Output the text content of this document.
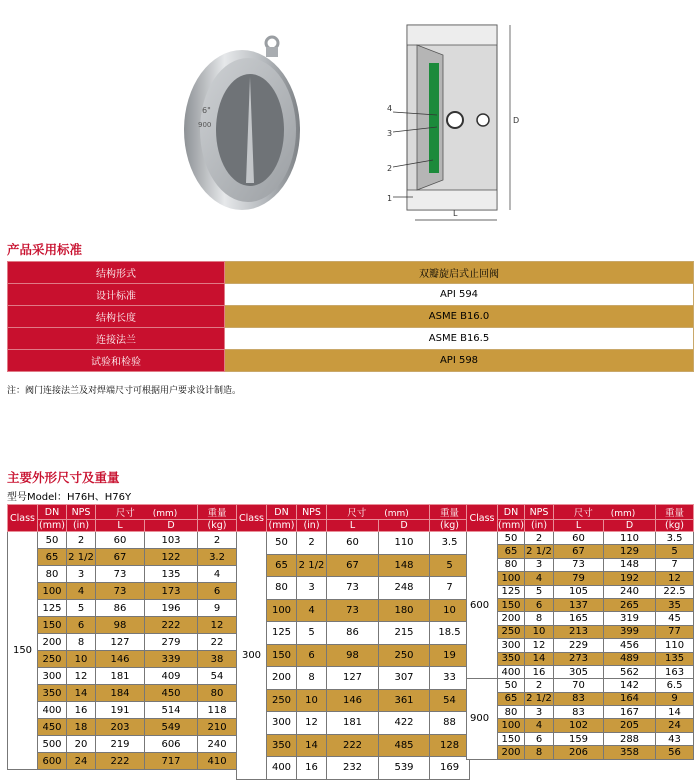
6"
900
4
3
2
1
L
D
产品采用标准
结构形式	双瓣旋启式止回阀
设计标准	API 594
结构长度	ASME B16.0
连接法兰	ASME B16.5
试验和检验	API 598
注：阀门连接法兰及对焊端尺寸可根据用户要求设计制造。
主要外形尺寸及重量
型号Model：H76H、H76Y
Class	DN	NPS	尺寸 (mm)		重量
	(mm)	(in)	L	D	(kg)
150	50	2	60	103	2
	65	2 1/2	67	122	3.2
	80	3	73	135	4
	100	4	73	173	6
	125	5	86	196	9
	150	6	98	222	12
	200	8	127	279	22
	250	10	146	339	38
	300	12	181	409	54
	350	14	184	450	80
	400	16	191	514	118
	450	18	203	549	210
	500	20	219	606	240
	600	24	222	717	410
Class	DN	NPS	尺寸 (mm)		重量
	(mm)	(in)	L	D	(kg)
300	50	2	60	110	3.5
	65	2 1/2	67	148	5
	80	3	73	248	7
	100	4	73	180	10
	125	5	86	215	18.5
	150	6	98	250	19
	200	8	127	307	33
	250	10	146	361	54
	300	12	181	422	88
	350	14	222	485	128
	400	16	232	539	169
Class	DN	NPS	尺寸 (mm)		重量
	(mm)	(in)	L	D	(kg)
600	50	2	60	110	3.5
	65	2 1/2	67	129	5
	80	3	73	148	7
	100	4	79	192	12
	125	5	105	240	22.5
	150	6	137	265	35
	200	8	165	319	45
	250	10	213	399	77
	300	12	229	456	110
	350	14	273	489	135
	400	16	305	562	163
900	50	2	70	142	6.5
	65	2 1/2	83	164	9
	80	3	83	167	14
	100	4	102	205	24
	150	6	159	288	43
	200	8	206	358	56
